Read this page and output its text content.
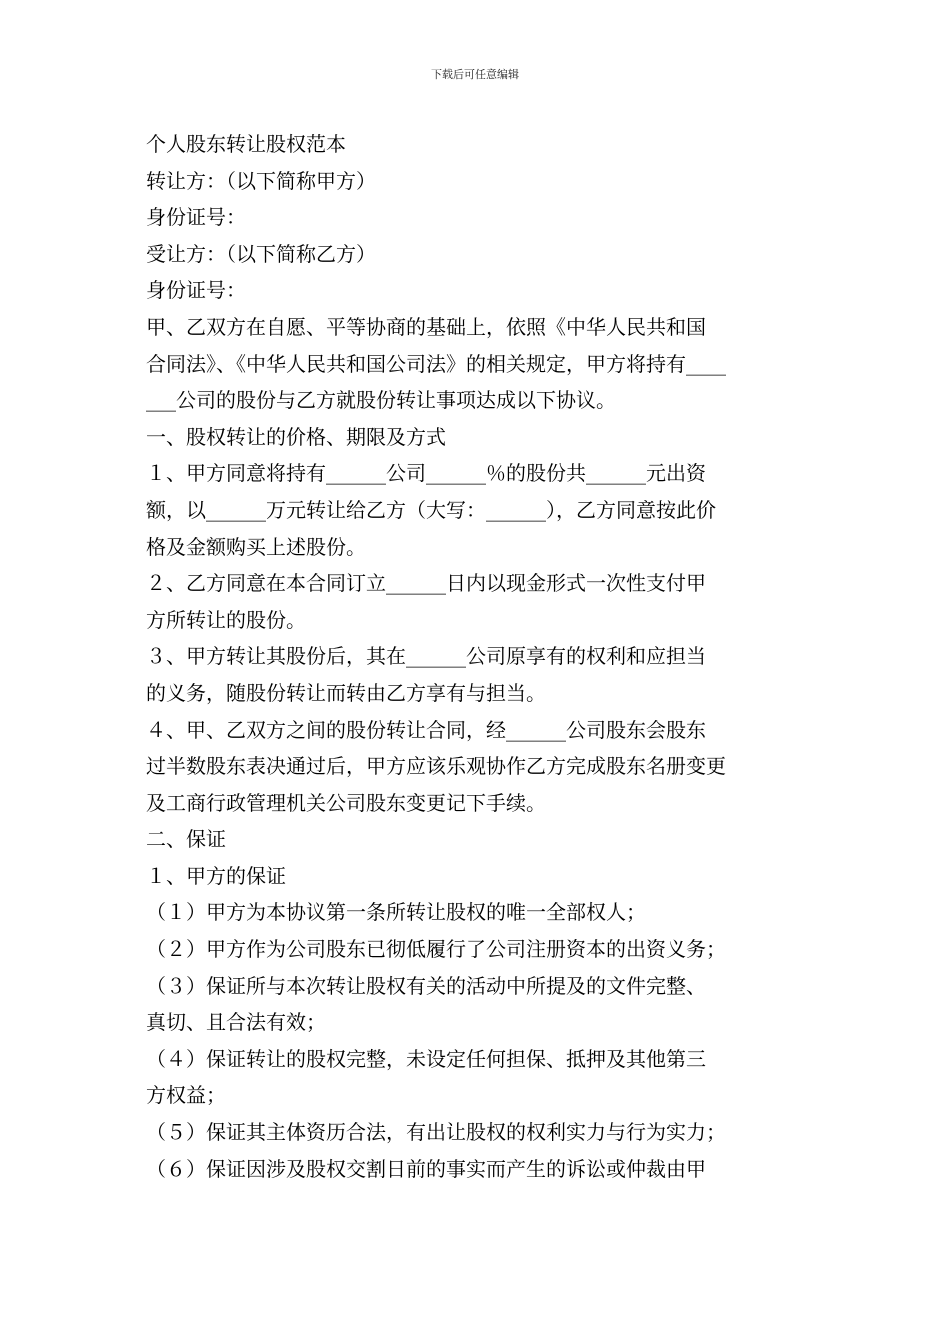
下载后可任意编辑
个人股东转让股权范本
转让方：（以下简称甲方）
身份证号：
受让方：（以下简称乙方）
身份证号：
甲、乙双方在自愿、平等协商的基础上，依照《中华人民共和国
合同法》、《中华人民共和国公司法》的相关规定，甲方将持有____
___公司的股份与乙方就股份转让事项达成以下协议。
一、股权转让的价格、期限及方式
１、甲方同意将持有______公司______％的股份共______元出资
额，以______万元转让给乙方（大写：______），乙方同意按此价
格及金额购买上述股份。
２、乙方同意在本合同订立______日内以现金形式一次性支付甲
方所转让的股份。
３、甲方转让其股份后，其在______公司原享有的权利和应担当
的义务，随股份转让而转由乙方享有与担当。
４、甲、乙双方之间的股份转让合同，经______公司股东会股东
过半数股东表决通过后，甲方应该乐观协作乙方完成股东名册变更
及工商行政管理机关公司股东变更记下手续。
二、保证
１、甲方的保证
（１）甲方为本协议第一条所转让股权的唯一全部权人；
（２）甲方作为公司股东已彻低履行了公司注册资本的出资义务；
（３）保证所与本次转让股权有关的活动中所提及的文件完整、
真切、且合法有效；
（４）保证转让的股权完整，未设定任何担保、抵押及其他第三
方权益；
（５）保证其主体资历合法，有出让股权的权利实力与行为实力；
（６）保证因涉及股权交割日前的事实而产生的诉讼或仲裁由甲
